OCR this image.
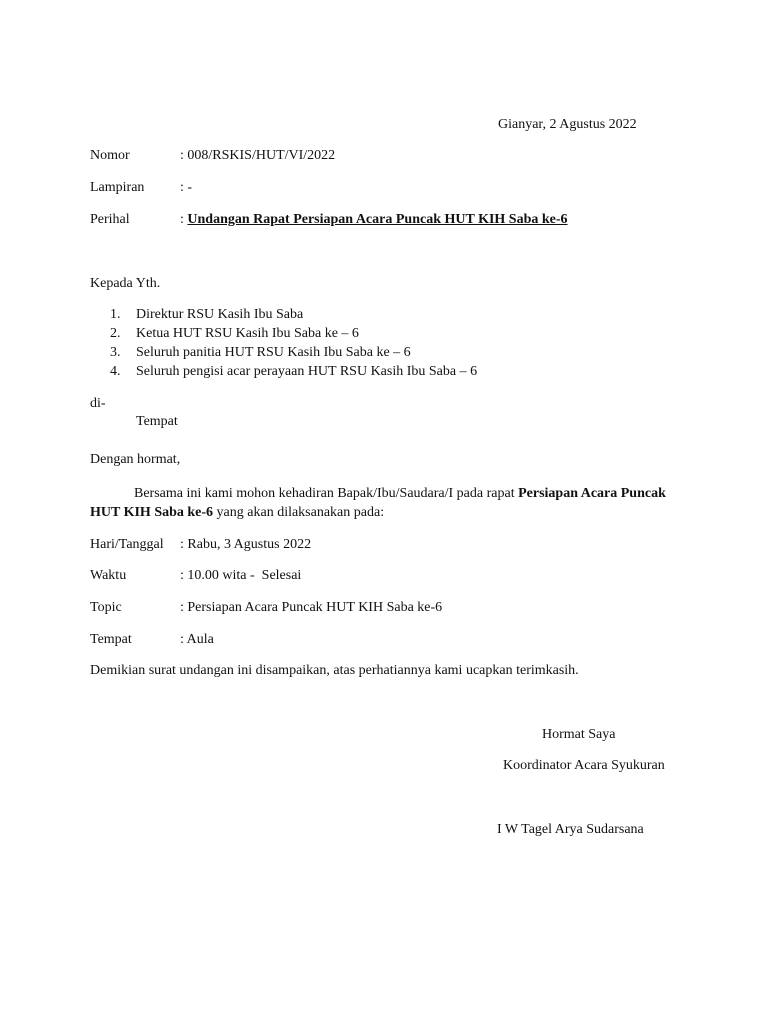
Gianyar, 2 Agustus 2022
Nomor	: 008/RSKIS/HUT/VI/2022
Lampiran	: -
Perihal	: Undangan Rapat Persiapan Acara Puncak HUT KIH Saba ke-6
Kepada Yth.
1. Direktur RSU Kasih Ibu Saba
2. Ketua HUT RSU Kasih Ibu Saba ke – 6
3. Seluruh panitia HUT RSU Kasih Ibu Saba ke – 6
4. Seluruh pengisi acar perayaan HUT RSU Kasih Ibu Saba – 6
di-
Tempat
Dengan hormat,
Bersama ini kami mohon kehadiran Bapak/Ibu/Saudara/I pada rapat Persiapan Acara Puncak
HUT KIH Saba ke-6 yang akan dilaksanakan pada:
Hari/Tanggal : Rabu, 3 Agustus 2022
Waktu	: 10.00 wita -  Selesai
Topic	: Persiapan Acara Puncak HUT KIH Saba ke-6
Tempat	: Aula
Demikian surat undangan ini disampaikan, atas perhatiannya kami ucapkan terimkasih.
Hormat Saya
Koordinator Acara Syukuran
I W Tagel Arya Sudarsana
